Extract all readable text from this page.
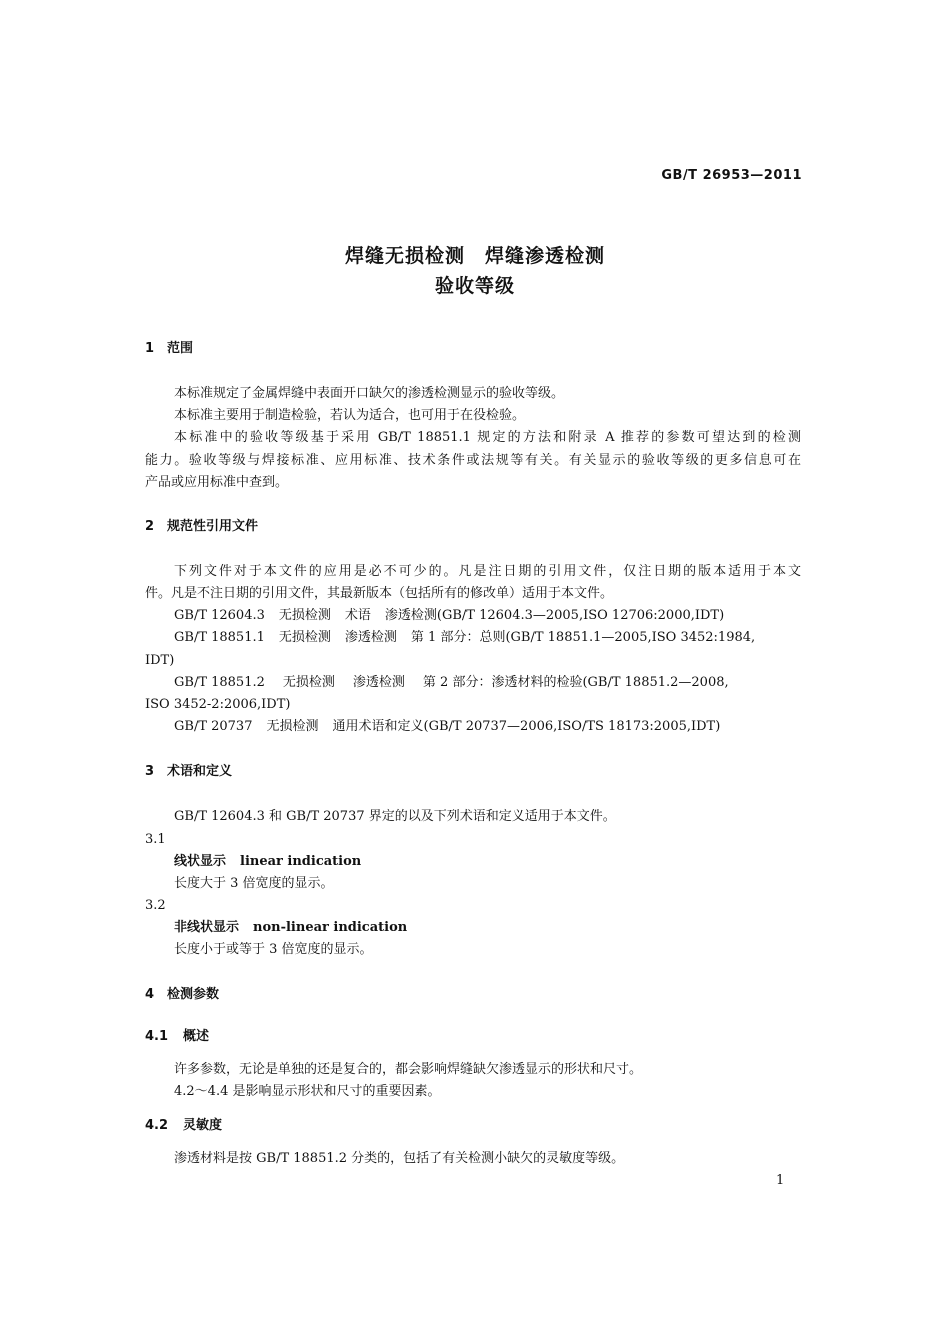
GB/T 26953—2011
焊缝无损检测　焊缝渗透检测
验收等级
1 范围
本标准规定了金属焊缝中表面开口缺欠的渗透检测显示的验收等级。
本标准主要用于制造检验，若认为适合，也可用于在役检验。
本标准中的验收等级基于采用 GB/T 18851.1 规定的方法和附录 A 推荐的参数可望达到的检测
能力。验收等级与焊接标准、应用标准、技术条件或法规等有关。有关显示的验收等级的更多信息可在
产品或应用标准中查到。
2 规范性引用文件
下列文件对于本文件的应用是必不可少的。凡是注日期的引用文件，仅注日期的版本适用于本文
件。凡是不注日期的引用文件，其最新版本（包括所有的修改单）适用于本文件。
GB/T 12604.3 无损检测 术语 渗透检测(GB/T 12604.3—2005,ISO 12706:2000,IDT)
GB/T 18851.1 无损检测 渗透检测 第 1 部分：总则(GB/T 18851.1—2005,ISO 3452:1984,
IDT)
GB/T 18851.2 无损检测 渗透检测 第 2 部分：渗透材料的检验(GB/T 18851.2—2008,
ISO 3452-2:2006,IDT)
GB/T 20737 无损检测 通用术语和定义(GB/T 20737—2006,ISO/TS 18173:2005,IDT)
3 术语和定义
GB/T 12604.3 和 GB/T 20737 界定的以及下列术语和定义适用于本文件。
3.1
线状显示 linear indication
长度大于 3 倍宽度的显示。
3.2
非线状显示 non-linear indication
长度小于或等于 3 倍宽度的显示。
4 检测参数
4.1 概述
许多参数，无论是单独的还是复合的，都会影响焊缝缺欠渗透显示的形状和尺寸。
4.2～4.4 是影响显示形状和尺寸的重要因素。
4.2 灵敏度
渗透材料是按 GB/T 18851.2 分类的，包括了有关检测小缺欠的灵敏度等级。
1
